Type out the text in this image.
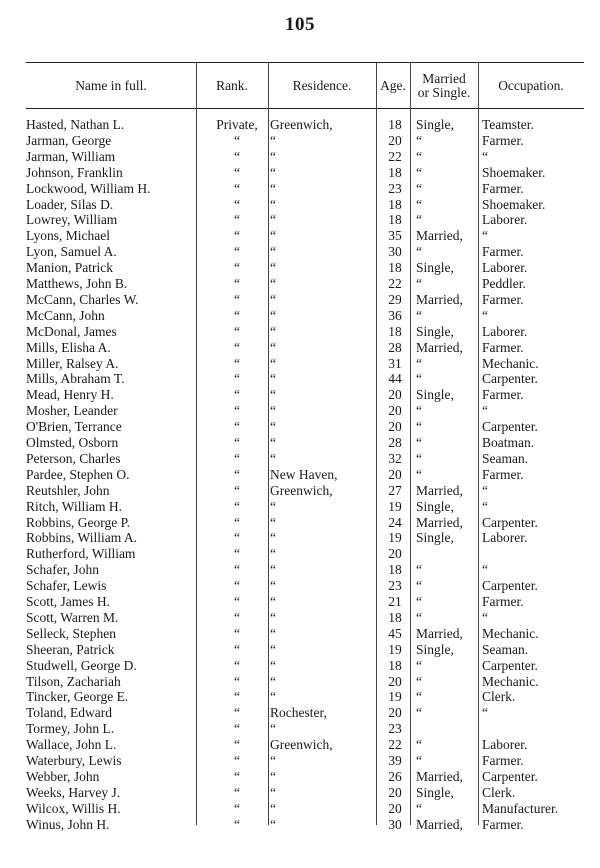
105
Name in full.	Rank.	Residence.	Age.	Married
or Single.	Occupation.
Hasted, Nathan L.	Private, Greenwich,	18	Single, Teamster.
Jarman, George	“	“	20	“	Farmer.
Jarman, William	“	“	22	“	“
Johnson, Franklin	“	“	18	“	Shoemaker.
Lockwood, William H.	“	“	23	“	Farmer.
Loader, Silas D.	“	“	18	“	Shoemaker.
Lowrey, William	“	“	18	“	Laborer.
Lyons, Michael	“	“	35	Married, “
Lyon, Samuel A.	“	“	30	“	Farmer.
Manion, Patrick	“	“	18	Single, Laborer.
Matthews, John B.	“	“	22	“	Peddler.
McCann, Charles W.	“	“	29	Married, Farmer.
McCann, John	“	“	36	“	“
McDonal, James	“	“	18	Single, Laborer.
Mills, Elisha A.	“	“	28	Married, Farmer.
Miller, Ralsey A.	“	“	31	“	Mechanic.
Mills, Abraham T.	“	“	44	“	Carpenter.
Mead, Henry H.	“	“	20	Single, Farmer.
Mosher, Leander	“	“	20	“	“
O'Brien, Terrance	“	“	20	“	Carpenter.
Olmsted, Osborn	“	“	28	“	Boatman.
Peterson, Charles	“	“	32	“	Seaman.
Pardee, Stephen O.	“	New Haven,	20	“	Farmer.
Reutshler, John	“	Greenwich,	27	Married, “
Ritch, William H.	“	“	19	Single, “
Robbins, George P.	“	“	24	Married, Carpenter.
Robbins, William A.	“	“	19	Single, Laborer.
Rutherford, William	“	“	20
Schafer, John	“	“	18	“	“
Schafer, Lewis	“	“	23	“	Carpenter.
Scott, James H.	“	“	21	“	Farmer.
Scott, Warren M.	“	“	18	“	“
Selleck, Stephen	“	“	45	Married, Mechanic.
Sheeran, Patrick	“	“	19	Single, Seaman.
Studwell, George D.	“	“	18	“	Carpenter.
Tilson, Zachariah	“	“	20	“	Mechanic.
Tincker, George E.	“	“	19	“	Clerk.
Toland, Edward	“	Rochester,	20	“	“
Tormey, John L.	“	“	23
Wallace, John L.	“	Greenwich,	22	“	Laborer.
Waterbury, Lewis	“	“	39	“	Farmer.
Webber, John	“	“	26	Married, Carpenter.
Weeks, Harvey J.	“	“	20	Single, Clerk.
Wilcox, Willis H.	“	“	20	“	Manufacturer.
Winus, John H.	“	“	30	Married, Farmer.
